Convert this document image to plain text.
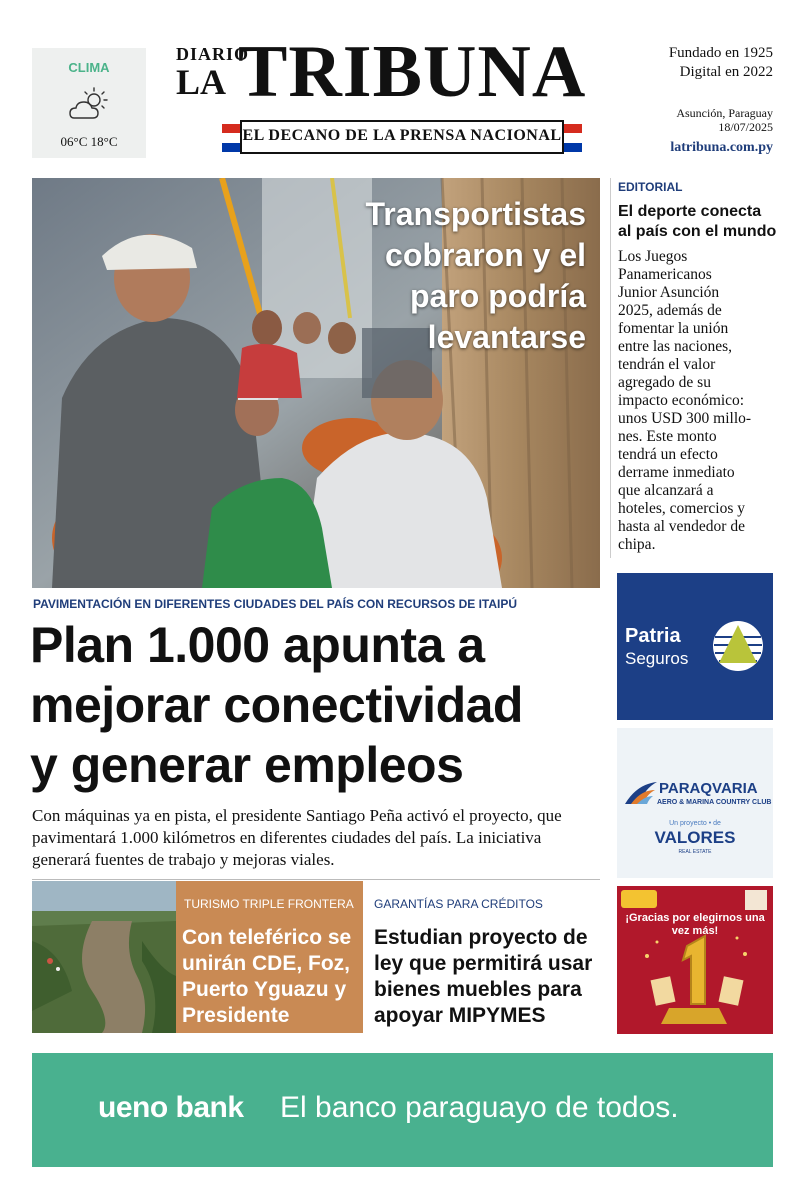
CLIMA
06°C 18°C
DIARIO
LA TRIBUNA
EL DECANO DE LA PRENSA NACIONAL
Fundado en 1925
Digital en 2022
Asunción, Paraguay
18/07/2025
latribuna.com.py
Transportistas
cobraron y el
paro podría
levantarse
PAVIMENTACIÓN EN DIFERENTES CIUDADES DEL PAÍS CON RECURSOS DE ITAIPÚ
Plan 1.000 apunta a
mejorar conectividad
y generar empleos
Con máquinas ya en pista, el presidente Santiago Peña activó el proyecto, que pavimentará 1.000 kilómetros en diferentes ciudades del país. La iniciativa generará fuentes de trabajo y mejoras viales.
TURISMO TRIPLE FRONTERA
Con teleférico se unirán CDE, Foz, Puerto Yguazu y Presidente Franco
GARANTÍAS PARA CRÉDITOS
Estudian proyecto de ley que permitirá usar bienes muebles para apoyar MIPYMES
EDITORIAL
El deporte conecta al país con el mundo
Los Juegos
Panamericanos
Junior Asunción
2025, además de
fomentar la unión
entre las naciones,
tendrán el valor
agregado de su
impacto económico:
unos USD 300 millo-
nes. Este monto
tendrá un efecto
derrame inmediato
que alcanzará a
hoteles, comercios y
hasta al vendedor de
chipa.
Patria
Seguros
PARAQVARIA
AERO & MARINA COUNTRY CLUB
Un proyecto • de
VALORES
REAL ESTATE
¡Gracias por elegirnos una vez más!
ueno bank El banco paraguayo de todos.
